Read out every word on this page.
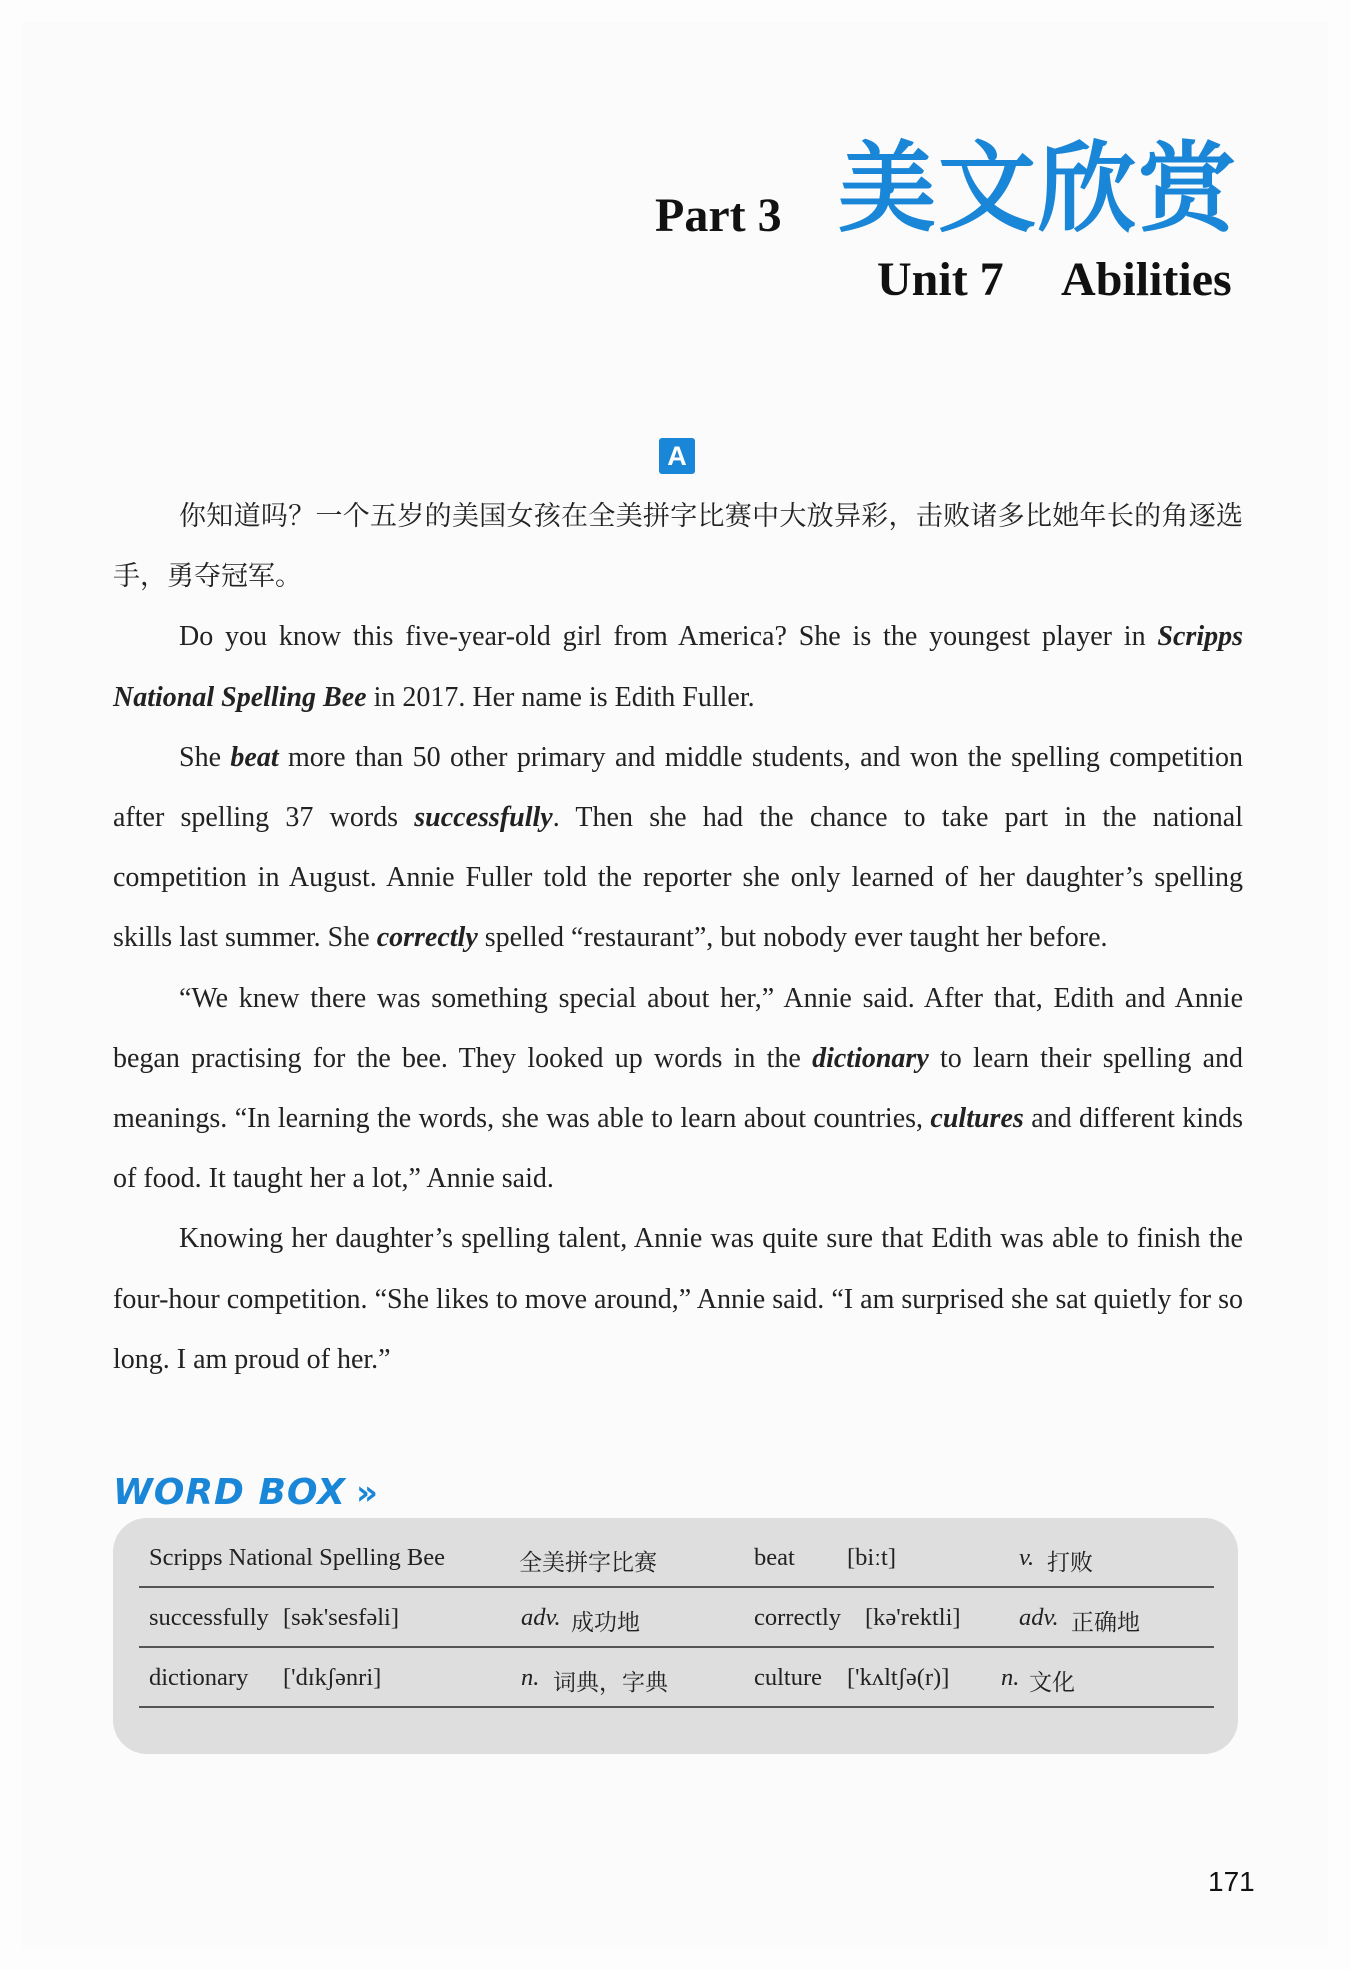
Part 3 美文欣赏
Unit 7     Abilities
A

你知道吗？一个五岁的美国女孩在全美拼字比赛中大放异彩，击败诸多比她年长的角逐选手，勇夺冠军。

Do you know this five-year-old girl from America? She is the youngest player in Scripps National Spelling Bee in 2017. Her name is Edith Fuller.

She beat more than 50 other primary and middle students, and won the spelling competition after spelling 37 words successfully. Then she had the chance to take part in the national competition in August. Annie Fuller told the reporter she only learned of her daughter’s spelling skills last summer. She correctly spelled “restaurant”, but nobody ever taught her before.

“We knew there was something special about her,” Annie said. After that, Edith and Annie began practising for the bee. They looked up words in the dictionary to learn their spelling and meanings. “In learning the words, she was able to learn about countries, cultures and different kinds of food. It taught her a lot,” Annie said.

Knowing her daughter’s spelling talent, Annie was quite sure that Edith was able to finish the four-hour competition. “She likes to move around,” Annie said. “I am surprised she sat quietly for so long. I am proud of her.”

WORD BOX »
Scripps National Spelling Bee	全美拼字比赛	beat [biːt]	v. 打败
successfully [sək'sesfəli]	adv. 成功地	correctly [kə'rektli] adv. 正确地
dictionary ['dɪkʃənri]	n. 词典，字典	culture ['kʌltʃə(r)] n. 文化
171
